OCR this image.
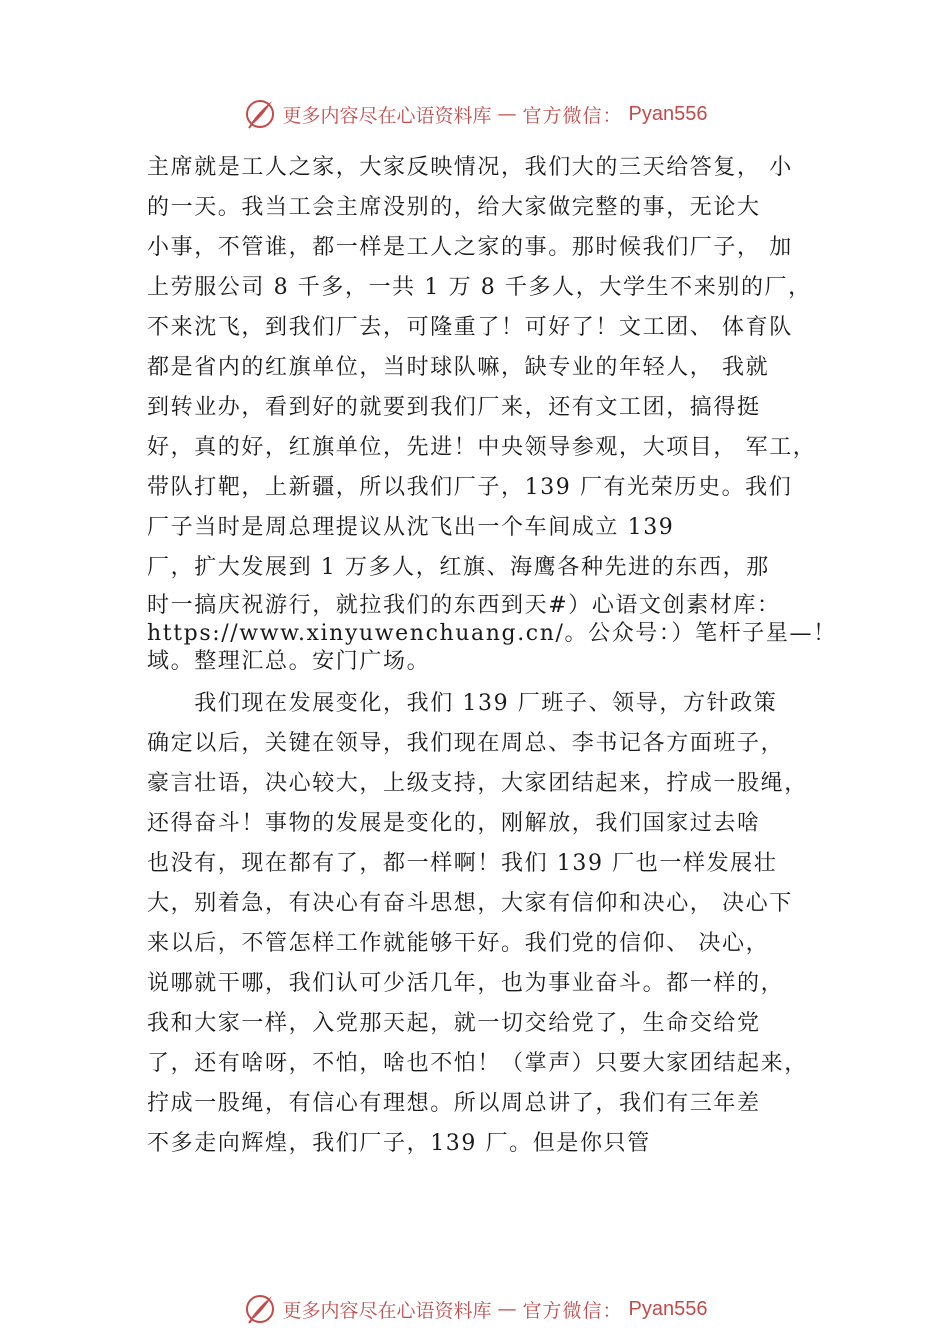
更多内容尽在心语资料库 — 官方微信： Pyan556
主席就是工人之家，大家反映情况，我们大的三天给答复， 小
的一天。我当工会主席没别的，给大家做完整的事，无论大
小事，不管谁，都一样是工人之家的事。那时候我们厂子， 加
上劳服公司 8 千多，一共 1 万 8 千多人，大学生不来别的厂，
不来沈飞，到我们厂去，可隆重了！可好了！文工团、 体育队
都是省内的红旗单位，当时球队嘛，缺专业的年轻人， 我就
到转业办，看到好的就要到我们厂来，还有文工团，搞得挺
好，真的好，红旗单位，先进！中央领导参观，大项目， 军工，
带队打靶，上新疆，所以我们厂子，139 厂有光荣历史。我们
厂子当时是周总理提议从沈飞出一个车间成立 139
厂，扩大发展到 1 万多人，红旗、海鹰各种先进的东西，那
时一搞庆祝游行，就拉我们的东西到天#）心语文创素材库：
https://www.xinyuwenchuang.cn/。公众号：）笔杆子星—！
域。整理汇总。安门广场。
　　我们现在发展变化，我们 139 厂班子、领导，方针政策
确定以后，关键在领导，我们现在周总、李书记各方面班子，
豪言壮语，决心较大，上级支持，大家团结起来，拧成一股绳，
还得奋斗！事物的发展是变化的，刚解放，我们国家过去啥
也没有，现在都有了，都一样啊！我们 139 厂也一样发展壮
大，别着急，有决心有奋斗思想，大家有信仰和决心， 决心下
来以后，不管怎样工作就能够干好。我们党的信仰、 决心，
说哪就干哪，我们认可少活几年，也为事业奋斗。都一样的，
我和大家一样，入党那天起，就一切交给党了，生命交给党
了，还有啥呀，不怕，啥也不怕！（掌声）只要大家团结起来，
拧成一股绳，有信心有理想。所以周总讲了，我们有三年差
不多走向辉煌，我们厂子，139 厂。但是你只管
更多内容尽在心语资料库 — 官方微信： Pyan556
